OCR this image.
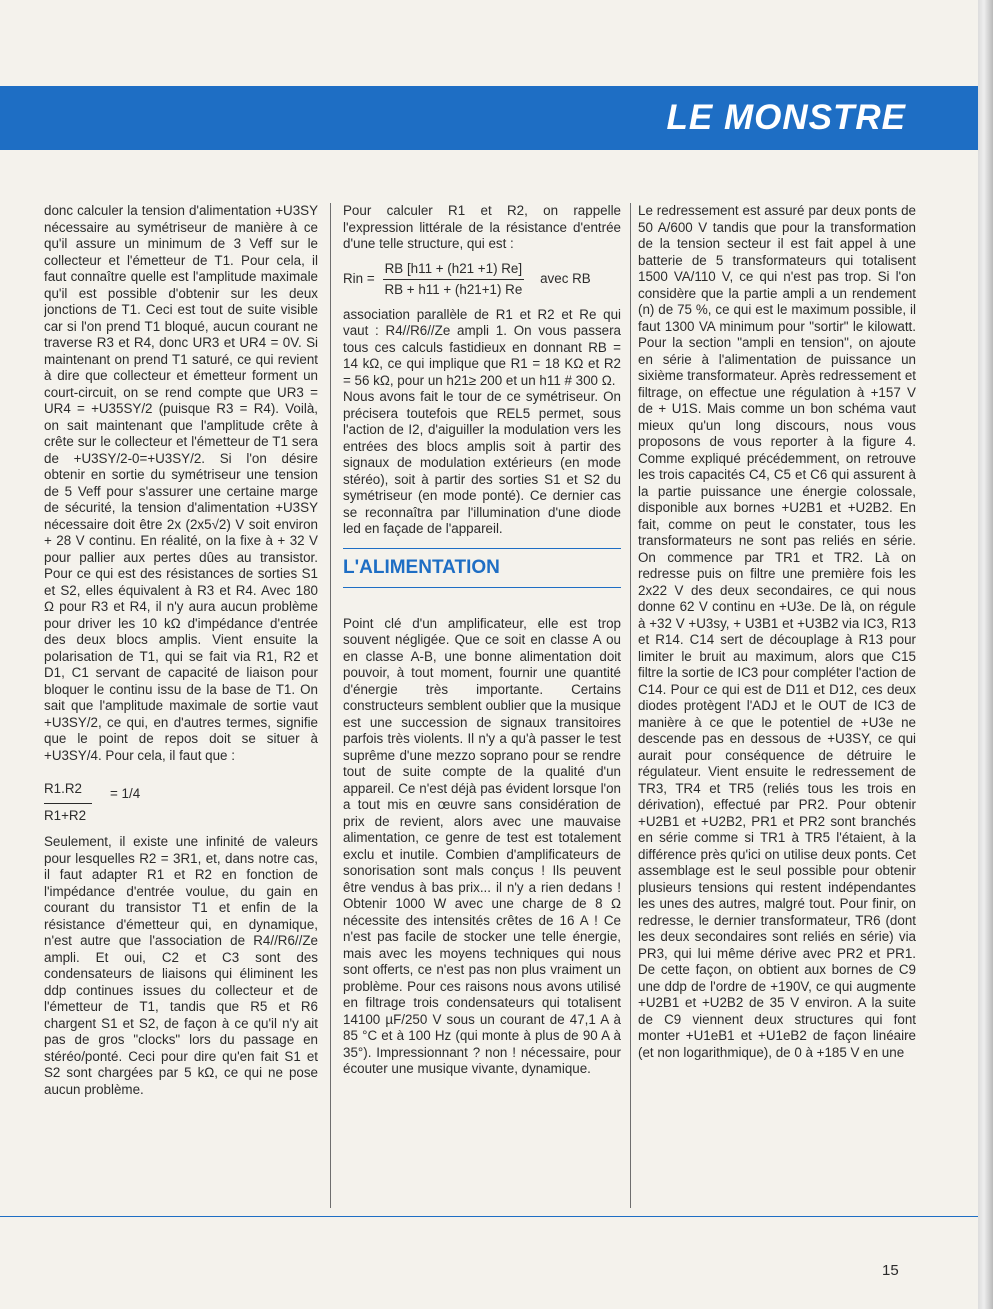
LE MONSTRE

donc calculer la tension d'alimentation +U3SY nécessaire au symétriseur de manière à ce qu'il assure un minimum de 3 Veff sur le collecteur et l'émetteur de T1. Pour cela, il faut connaître quelle est l'amplitude maximale qu'il est possible d'obtenir sur les deux jonctions de T1. Ceci est tout de suite visible car si l'on prend T1 bloqué, aucun courant ne traverse R3 et R4, donc UR3 et UR4 = 0V. Si maintenant on prend T1 saturé, ce qui revient à dire que collecteur et émetteur forment un court-circuit, on se rend compte que UR3 = UR4 = +U35SY/2 (puisque R3 = R4). Voilà, on sait maintenant que l'amplitude crête à crête sur le collecteur et l'émetteur de T1 sera de +U3SY/2-0=+U3SY/2. Si l'on désire obtenir en sortie du symétriseur une tension de 5 Veff pour s'assurer une certaine marge de sécurité, la tension d'alimentation +U3SY nécessaire doit être 2x (2x5√2) V soit environ + 28 V continu. En réalité, on la fixe à + 32 V pour pallier aux pertes dûes au transistor. Pour ce qui est des résistances de sorties S1 et S2, elles équivalent à R3 et R4. Avec 180 Ω pour R3 et R4, il n'y aura aucun problème pour driver les 10 kΩ d'impédance d'entrée des deux blocs amplis. Vient ensuite la polarisation de T1, qui se fait via R1, R2 et D1, C1 servant de capacité de liaison pour bloquer le continu issu de la base de T1. On sait que l'amplitude maximale de sortie vaut +U3SY/2, ce qui, en d'autres termes, signifie que le point de repos doit se situer à +U3SY/4. Pour cela, il faut que :

R1.R2	= 1/4
R1+R2

Seulement, il existe une infinité de valeurs pour lesquelles R2 = 3R1, et, dans notre cas, il faut adapter R1 et R2 en fonction de l'impédance d'entrée voulue, du gain en courant du transistor T1 et enfin de la résistance d'émetteur qui, en dynamique, n'est autre que l'association de R4//R6//Ze ampli. Et oui, C2 et C3 sont des condensateurs de liaisons qui éliminent les ddp continues issues du collecteur et de l'émetteur de T1, tandis que R5 et R6 chargent S1 et S2, de façon à ce qu'il n'y ait pas de gros "clocks" lors du passage en stéréo/ponté. Ceci pour dire qu'en fait S1 et S2 sont chargées par 5 kΩ, ce qui ne pose aucun problème.

Pour calculer R1 et R2, on rappelle l'expression littérale de la résistance d'entrée d'une telle structure, qui est :

Rin = $\frac{RB [h11 + (h21 +1) Re]}{RB + h11 + (h21+1) Re}$ avec RB

association parallèle de R1 et R2 et Re qui vaut : R4//R6//Ze ampli 1. On vous passera tous ces calculs fastidieux en donnant RB = 14 kΩ, ce qui implique que R1 = 18 KΩ et R2 = 56 kΩ, pour un h21≥ 200 et un h11 # 300 Ω.

Nous avons fait le tour de ce symétriseur. On précisera toutefois que REL5 permet, sous l'action de I2, d'aiguiller la modulation vers les entrées des blocs amplis soit à partir des signaux de modulation extérieurs (en mode stéréo), soit à partir des sorties S1 et S2 du symétriseur (en mode ponté). Ce dernier cas se reconnaîtra par l'illumination d'une diode led en façade de l'appareil.

L'ALIMENTATION

Point clé d'un amplificateur, elle est trop souvent négligée. Que ce soit en classe A ou en classe A-B, une bonne alimentation doit pouvoir, à tout moment, fournir une quantité d'énergie très importante. Certains constructeurs semblent oublier que la musique est une succession de signaux transitoires parfois très violents. Il n'y a qu'à passer le test suprême d'une mezzo soprano pour se rendre tout de suite compte de la qualité d'un appareil. Ce n'est déjà pas évident lorsque l'on a tout mis en œuvre sans considération de prix de revient, alors avec une mauvaise alimentation, ce genre de test est totalement exclu et inutile. Combien d'amplificateurs de sonorisation sont mals conçus ! Ils peuvent être vendus à bas prix... il n'y a rien dedans ! Obtenir 1000 W avec une charge de 8 Ω nécessite des intensités crêtes de 16 A ! Ce n'est pas facile de stocker une telle énergie, mais avec les moyens techniques qui nous sont offerts, ce n'est pas non plus vraiment un problème. Pour ces raisons nous avons utilisé en filtrage trois condensateurs qui totalisent 14100 µF/250 V sous un courant de 47,1 A à 85 °C et à 100 Hz (qui monte à plus de 90 A à 35°). Impressionnant ? non ! nécessaire, pour écouter une musique vivante, dynamique.

Le redressement est assuré par deux ponts de 50 A/600 V tandis que pour la transformation de la tension secteur il est fait appel à une batterie de 5 transformateurs qui totalisent 1500 VA/110 V, ce qui n'est pas trop. Si l'on considère que la partie ampli a un rendement (n) de 75 %, ce qui est le maximum possible, il faut 1300 VA minimum pour "sortir" le kilowatt. Pour la section "ampli en tension", on ajoute en série à l'alimentation de puissance un sixième transformateur. Après redressement et filtrage, on effectue une régulation à +157 V de + U1S. Mais comme un bon schéma vaut mieux qu'un long discours, nous vous proposons de vous reporter à la figure 4. Comme expliqué précédemment, on retrouve les trois capacités C4, C5 et C6 qui assurent à la partie puissance une énergie colossale, disponible aux bornes +U2B1 et +U2B2. En fait, comme on peut le constater, tous les transformateurs ne sont pas reliés en série. On commence par TR1 et TR2. Là on redresse puis on filtre une première fois les 2x22 V des deux secondaires, ce qui nous donne 62 V continu en +U3e. De là, on régule à +32 V +U3sy, + U3B1 et +U3B2 via IC3, R13 et R14. C14 sert de découplage à R13 pour limiter le bruit au maximum, alors que C15 filtre la sortie de IC3 pour compléter l'action de C14. Pour ce qui est de D11 et D12, ces deux diodes protègent l'ADJ et le OUT de IC3 de manière à ce que le potentiel de +U3e ne descende pas en dessous de +U3SY, ce qui aurait pour conséquence de détruire le régulateur. Vient ensuite le redressement de TR3, TR4 et TR5 (reliés tous les trois en dérivation), effectué par PR2. Pour obtenir +U2B1 et +U2B2, PR1 et PR2 sont branchés en série comme si TR1 à TR5 l'étaient, à la différence près qu'ici on utilise deux ponts. Cet assemblage est le seul possible pour obtenir plusieurs tensions qui restent indépendantes les unes des autres, malgré tout. Pour finir, on redresse, le dernier transformateur, TR6 (dont les deux secondaires sont reliés en série) via PR3, qui lui même dérive avec PR2 et PR1. De cette façon, on obtient aux bornes de C9 une ddp de l'ordre de +190V, ce qui augmente +U2B1 et +U2B2 de 35 V environ. A la suite de C9 viennent deux structures qui font monter +U1eB1 et +U1eB2 de façon linéaire (et non logarithmique), de 0 à +185 V en une

15
